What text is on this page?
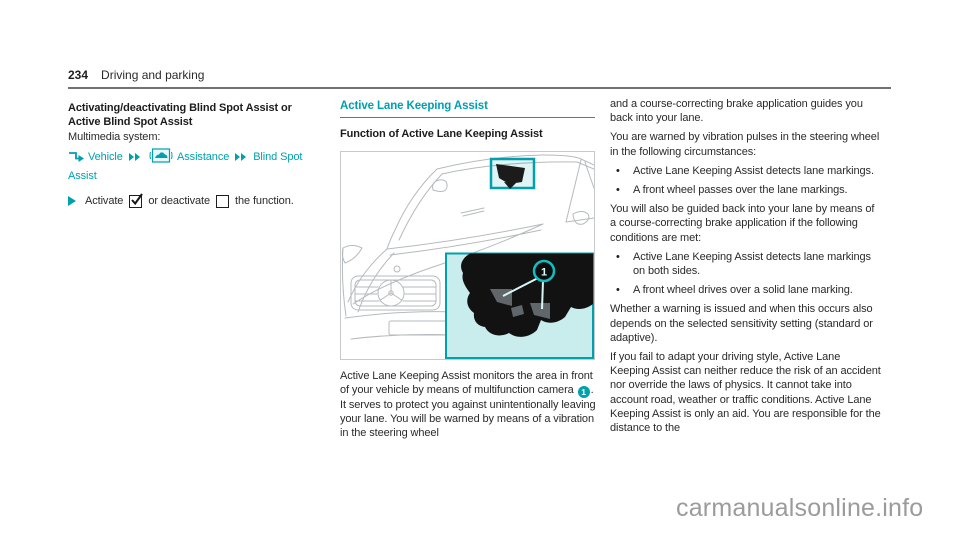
234 Driving and parking
Activating/deactivating Blind Spot Assist or
Active Blind Spot Assist
Multimedia system:
Vehicle	Assistance Blind Spot Assist
Activate or deactivate the function.
Active Lane Keeping Assist
Function of Active Lane Keeping Assist
1

Active Lane Keeping Assist monitors the area in front of your vehicle by means of multifunction camera 1 . It serves to protect you against unintentionally leaving your lane. You will be warned by means of a vibration in the steering wheel

and a course-correcting brake application guides you back into your lane.

You are warned by vibration pulses in the steering wheel in the following circumstances:

•	Active Lane Keeping Assist detects lane markings.
•	A front wheel passes over the lane markings.

You will also be guided back into your lane by means of a course-correcting brake application if the following conditions are met:

•	Active Lane Keeping Assist detects lane markings on both sides.
•	A front wheel drives over a solid lane marking.

Whether a warning is issued and when this occurs also depends on the selected sensitivity setting (standard or adaptive).

If you fail to adapt your driving style, Active Lane Keeping Assist can neither reduce the risk of an accident nor override the laws of physics. It cannot take into account road, weather or traffic conditions. Active Lane Keeping Assist is only an aid. You are responsible for the distance to the

carmanualsonline.info
